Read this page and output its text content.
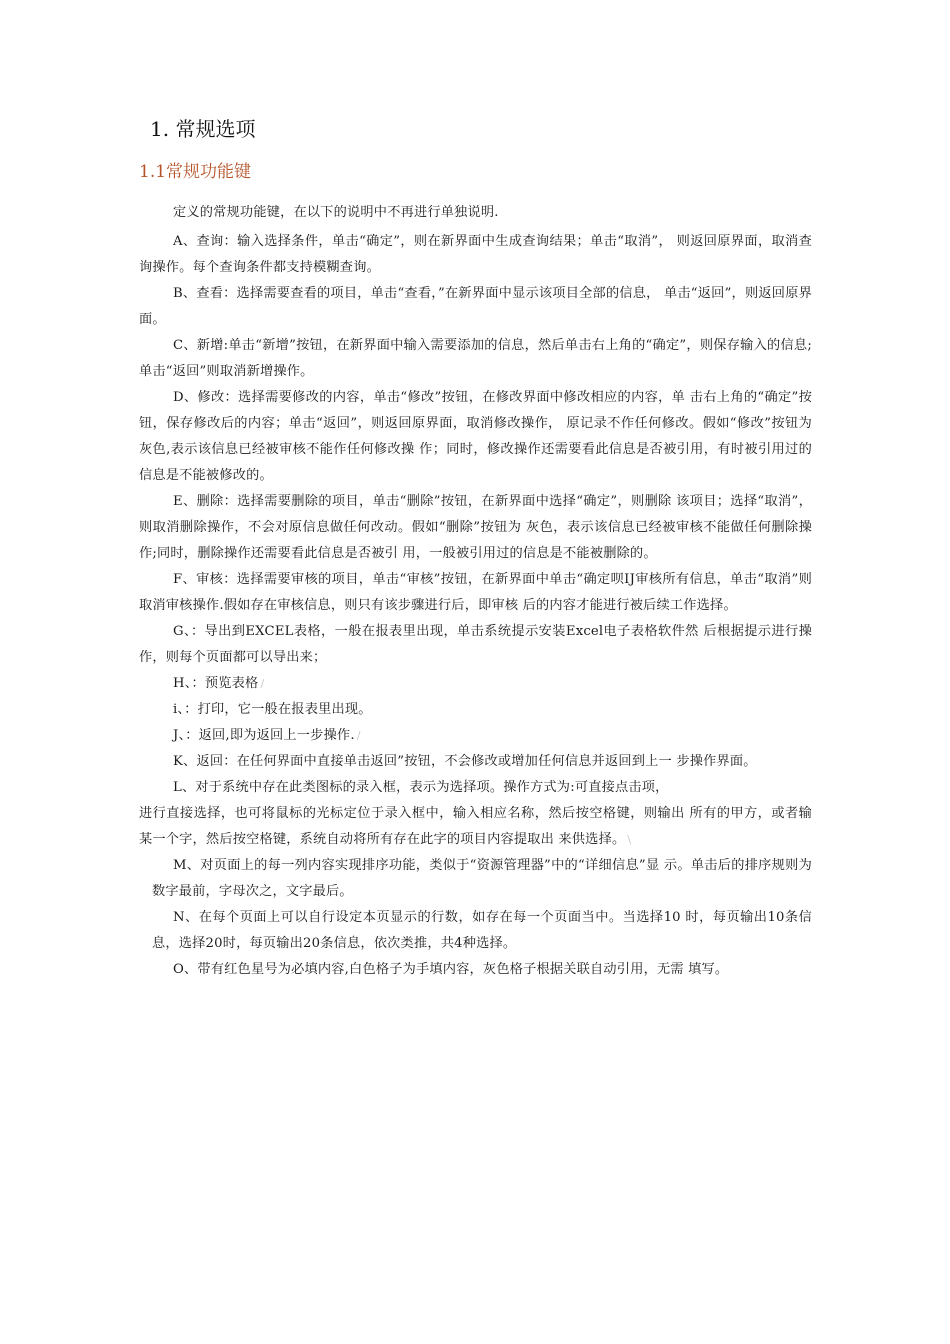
1. 常规选项
1.1常规功能键

定义的常规功能键，在以下的说明中不再进行单独说明.

A、查询：输入选择条件，单击“确定”，则在新界面中生成查询结果；单击“取消”， 则返回原界面，取消查询操作。每个查询条件都支持模糊查询。

B、查看：选择需要查看的项目，单击“查看，”在新界面中显示该项目全部的信息， 单击“返回”，则返回原界面。

C、新增:单击“新增”按钮，在新界面中输入需要添加的信息，然后单击右上角的“确定”，则保存输入的信息;单击“返回”则取消新增操作。

D、修改：选择需要修改的内容，单击“修改”按钮，在修改界面中修改相应的内容，单 击右上角的“确定”按钮，保存修改后的内容；单击“返回”，则返回原界面，取消修改操作， 原记录不作任何修改。假如“修改”按钮为灰色,表示该信息已经被审核不能作任何修改操 作；同时，修改操作还需要看此信息是否被引用，有时被引用过的信息是不能被修改的。

E、删除：选择需要删除的项目，单击“删除”按钮，在新界面中选择“确定”，则删除 该项目；选择“取消”，则取消删除操作，不会对原信息做任何改动。假如“删除”按钮为 灰色，表示该信息已经被审核不能做任何删除操作;同时，删除操作还需要看此信息是否被引 用，一般被引用过的信息是不能被删除的。

F、审核：选择需要审核的项目，单击“审核”按钮，在新界面中单击“确定呗IJ审核所有信息，单击“取消”则取消审核操作.假如存在审核信息，则只有该步骤进行后，即审核 后的内容才能进行被后续工作选择。

G、：导出到EXCEL表格，一般在报表里出现，单击系统提示安装Excel电子表格软件然 后根据提示进行操作，则每个页面都可以导出来；

H、：预览表格 /

i、：打印，它一般在报表里出现。

J、：返回,即为返回上一步操作. /

K、返回：在任何界面中直接单击返回”按钮，不会修改或增加任何信息并返回到上一 步操作界面。

L、对于系统中存在此类图标的录入框，表示为选择项。操作方式为:可直接点击项，

进行直接选择，也可将鼠标的光标定位于录入框中，输入相应名称，然后按空格键，则输出 所有的甲方，或者输某一个字，然后按空格键，系统自动将所有存在此字的项目内容提取出 来供选择。 \

M、对页面上的每一列内容实现排序功能，类似于“资源管理器”中的“详细信息”显 示。单击后的排序规则为数字最前，字母次之，文字最后。

N、在每个页面上可以自行设定本页显示的行数，如存在每一个页面当中。当选择10 时，每页输出10条信息，选择20时，每页输出20条信息，依次类推，共4种选择。

O、带有红色星号为必填内容,白色格子为手填内容，灰色格子根据关联自动引用，无需 填写。
